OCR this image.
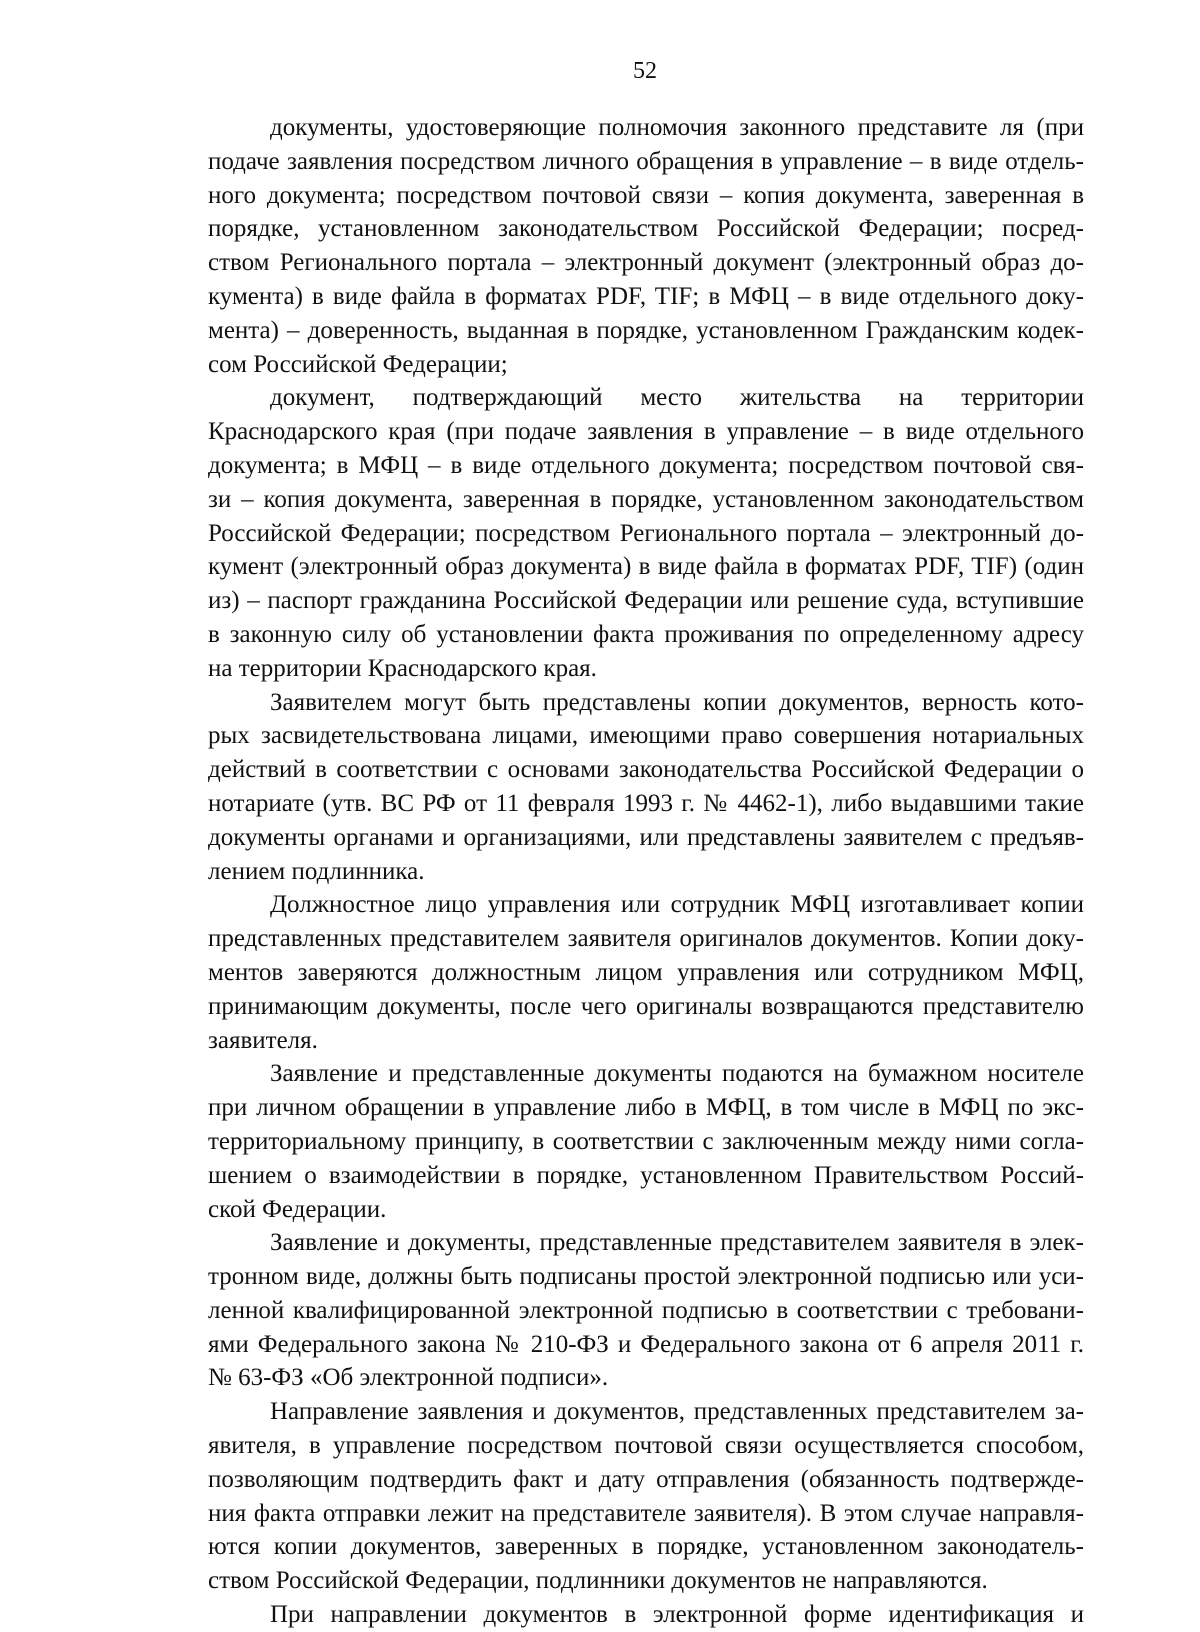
52
документы, удостоверяющие полномочия законного представите ля (при
подаче заявления посредством личного обращения в управление – в виде отдель-
ного документа; посредством почтовой связи – копия документа, заверенная в
порядке, установленном законодательством Российской Федерации; посред-
ством Регионального портала – электронный документ (электронный образ до-
кумента) в виде файла в форматах PDF, TIF; в МФЦ – в виде отдельного доку-
мента) – доверенность, выданная в порядке, установленном Гражданским кодек-
сом Российской Федерации;
документ, подтверждающий место жительства на территории
Краснодарского края (при подаче заявления в управление – в виде отдельного
документа; в МФЦ – в виде отдельного документа; посредством почтовой свя-
зи – копия документа, заверенная в порядке, установленном законодательством
Российской Федерации; посредством Регионального портала – электронный до-
кумент (электронный образ документа) в виде файла в форматах PDF, TIF) (один
из) – паспорт гражданина Российской Федерации или решение суда, вступившие
в законную силу об установлении факта проживания по определенному адресу
на территории Краснодарского края.
Заявителем могут быть представлены копии документов, верность кото-
рых засвидетельствована лицами, имеющими право совершения нотариальных
действий в соответствии с основами законодательства Российской Федерации о
нотариате (утв. ВС РФ от 11 февраля 1993 г. № 4462-1), либо выдавшими такие
документы органами и организациями, или представлены заявителем с предъяв-
лением подлинника.
Должностное лицо управления или сотрудник МФЦ изготавливает копии
представленных представителем заявителя оригиналов документов. Копии доку-
ментов заверяются должностным лицом управления или сотрудником МФЦ,
принимающим документы, после чего оригиналы возвращаются представителю
заявителя.
Заявление и представленные документы подаются на бумажном носителе
при личном обращении в управление либо в МФЦ, в том числе в МФЦ по экс-
территориальному принципу, в соответствии с заключенным между ними согла-
шением о взаимодействии в порядке, установленном Правительством Россий-
ской Федерации.
Заявление и документы, представленные представителем заявителя в элек-
тронном виде, должны быть подписаны простой электронной подписью или уси-
ленной квалифицированной электронной подписью в соответствии с требовани-
ями Федерального закона № 210-ФЗ и Федерального закона от 6 апреля 2011 г.
№ 63-ФЗ «Об электронной подписи».
Направление заявления и документов, представленных представителем за-
явителя, в управление посредством почтовой связи осуществляется способом,
позволяющим подтвердить факт и дату отправления (обязанность подтвержде-
ния факта отправки лежит на представителе заявителя). В этом случае направля-
ются копии документов, заверенных в порядке, установленном законодатель-
ством Российской Федерации, подлинники документов не направляются.
При направлении документов в электронной форме идентификация и
